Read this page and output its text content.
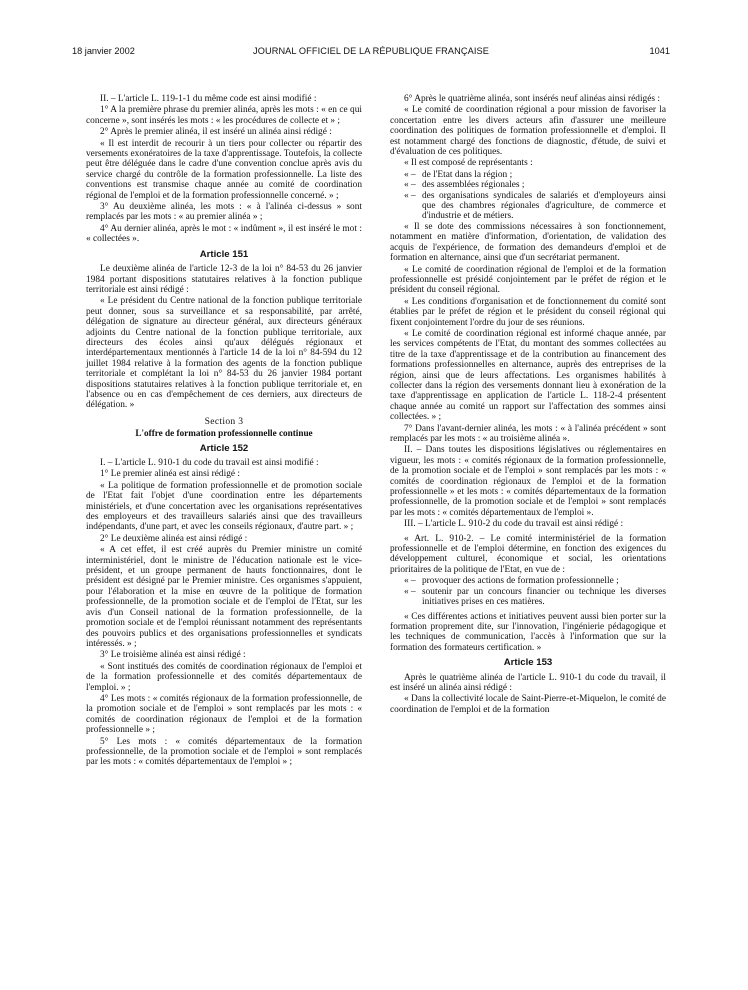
18 janvier 2002	JOURNAL OFFICIEL DE LA RÉPUBLIQUE FRANÇAISE	1041
II. – L'article L. 119-1-1 du même code est ainsi modifié :
1° A la première phrase du premier alinéa, après les mots : « en ce qui concerne », sont insérés les mots : « les procédures de collecte et » ;
2° Après le premier alinéa, il est inséré un alinéa ainsi rédigé :
« Il est interdit de recourir à un tiers pour collecter ou répartir des versements exonératoires de la taxe d'apprentissage. Toutefois, la collecte peut être déléguée dans le cadre d'une convention conclue après avis du service chargé du contrôle de la formation professionnelle. La liste des conventions est transmise chaque année au comité de coordination régional de l'emploi et de la formation professionnelle concerné. » ;
3° Au deuxième alinéa, les mots : « à l'alinéa ci-dessus » sont remplacés par les mots : « au premier alinéa » ;
4° Au dernier alinéa, après le mot : « indûment », il est inséré le mot : « collectées ».
Article 151
Le deuxième alinéa de l'article 12-3 de la loi n° 84-53 du 26 janvier 1984 portant dispositions statutaires relatives à la fonction publique territoriale est ainsi rédigé :
« Le président du Centre national de la fonction publique territoriale peut donner, sous sa surveillance et sa responsabilité, par arrêté, délégation de signature au directeur général, aux directeurs généraux adjoints du Centre national de la fonction publique territoriale, aux directeurs des écoles ainsi qu'aux délégués régionaux et interdépartementaux mentionnés à l'article 14 de la loi n° 84-594 du 12 juillet 1984 relative à la formation des agents de la fonction publique territoriale et complétant la loi n° 84-53 du 26 janvier 1984 portant dispositions statutaires relatives à la fonction publique territoriale et, en l'absence ou en cas d'empêchement de ces derniers, aux directeurs de délégation. »
Section 3
L'offre de formation professionnelle continue
Article 152
I. – L'article L. 910-1 du code du travail est ainsi modifié :
1° Le premier alinéa est ainsi rédigé :
« La politique de formation professionnelle et de promotion sociale de l'Etat fait l'objet d'une coordination entre les départements ministériels, et d'une concertation avec les organisations représentatives des employeurs et des travailleurs salariés ainsi que des travailleurs indépendants, d'une part, et avec les conseils régionaux, d'autre part. » ;
2° Le deuxième alinéa est ainsi rédigé :
« A cet effet, il est créé auprès du Premier ministre un comité interministériel, dont le ministre de l'éducation nationale est le vice-président, et un groupe permanent de hauts fonctionnaires, dont le président est désigné par le Premier ministre. Ces organismes s'appuient, pour l'élaboration et la mise en œuvre de la politique de formation professionnelle, de la promotion sociale et de l'emploi de l'Etat, sur les avis d'un Conseil national de la formation professionnelle, de la promotion sociale et de l'emploi réunissant notamment des représentants des pouvoirs publics et des organisations professionnelles et syndicats intéressés. » ;
3° Le troisième alinéa est ainsi rédigé :
« Sont institués des comités de coordination régionaux de l'emploi et de la formation professionnelle et des comités départementaux de l'emploi. » ;
4° Les mots : « comités régionaux de la formation professionnelle, de la promotion sociale et de l'emploi » sont remplacés par les mots : « comités de coordination régionaux de l'emploi et de la formation professionnelle » ;
5° Les mots : « comités départementaux de la formation professionnelle, de la promotion sociale et de l'emploi » sont remplacés par les mots : « comités départementaux de l'emploi » ;
6° Après le quatrième alinéa, sont insérés neuf alinéas ainsi rédigés :
« Le comité de coordination régional a pour mission de favoriser la concertation entre les divers acteurs afin d'assurer une meilleure coordination des politiques de formation professionnelle et d'emploi. Il est notamment chargé des fonctions de diagnostic, d'étude, de suivi et d'évaluation de ces politiques.
« Il est composé de représentants :
« – de l'Etat dans la région ;
« – des assemblées régionales ;
« – des organisations syndicales de salariés et d'employeurs ainsi que des chambres régionales d'agriculture, de commerce et d'industrie et de métiers.
« Il se dote des commissions nécessaires à son fonctionnement, notamment en matière d'information, d'orientation, de validation des acquis de l'expérience, de formation des demandeurs d'emploi et de formation en alternance, ainsi que d'un secrétariat permanent.
« Le comité de coordination régional de l'emploi et de la formation professionnelle est présidé conjointement par le préfet de région et le président du conseil régional.
« Les conditions d'organisation et de fonctionnement du comité sont établies par le préfet de région et le président du conseil régional qui fixent conjointement l'ordre du jour de ses réunions.
« Le comité de coordination régional est informé chaque année, par les services compétents de l'Etat, du montant des sommes collectées au titre de la taxe d'apprentissage et de la contribution au financement des formations professionnelles en alternance, auprès des entreprises de la région, ainsi que de leurs affectations. Les organismes habilités à collecter dans la région des versements donnant lieu à exonération de la taxe d'apprentissage en application de l'article L. 118-2-4 présentent chaque année au comité un rapport sur l'affectation des sommes ainsi collectées. » ;
7° Dans l'avant-dernier alinéa, les mots : « à l'alinéa précédent » sont remplacés par les mots : « au troisième alinéa ».
II. – Dans toutes les dispositions législatives ou réglementaires en vigueur, les mots : « comités régionaux de la formation professionnelle, de la promotion sociale et de l'emploi » sont remplacés par les mots : « comités de coordination régionaux de l'emploi et de la formation professionnelle » et les mots : « comités départementaux de la formation professionnelle, de la promotion sociale et de l'emploi » sont remplacés par les mots : « comités départementaux de l'emploi ».
III. – L'article L. 910-2 du code du travail est ainsi rédigé :
« Art. L. 910-2. – Le comité interministériel de la formation professionnelle et de l'emploi détermine, en fonction des exigences du développement culturel, économique et social, les orientations prioritaires de la politique de l'Etat, en vue de :
« – provoquer des actions de formation professionnelle ;
« – soutenir par un concours financier ou technique les diverses initiatives prises en ces matières.
« Ces différentes actions et initiatives peuvent aussi bien porter sur la formation proprement dite, sur l'innovation, l'ingénierie pédagogique et les techniques de communication, l'accès à l'information que sur la formation des formateurs certification. »
Article 153
Après le quatrième alinéa de l'article L. 910-1 du code du travail, il est inséré un alinéa ainsi rédigé :
« Dans la collectivité locale de Saint-Pierre-et-Miquelon, le comité de coordination de l'emploi et de la formation
